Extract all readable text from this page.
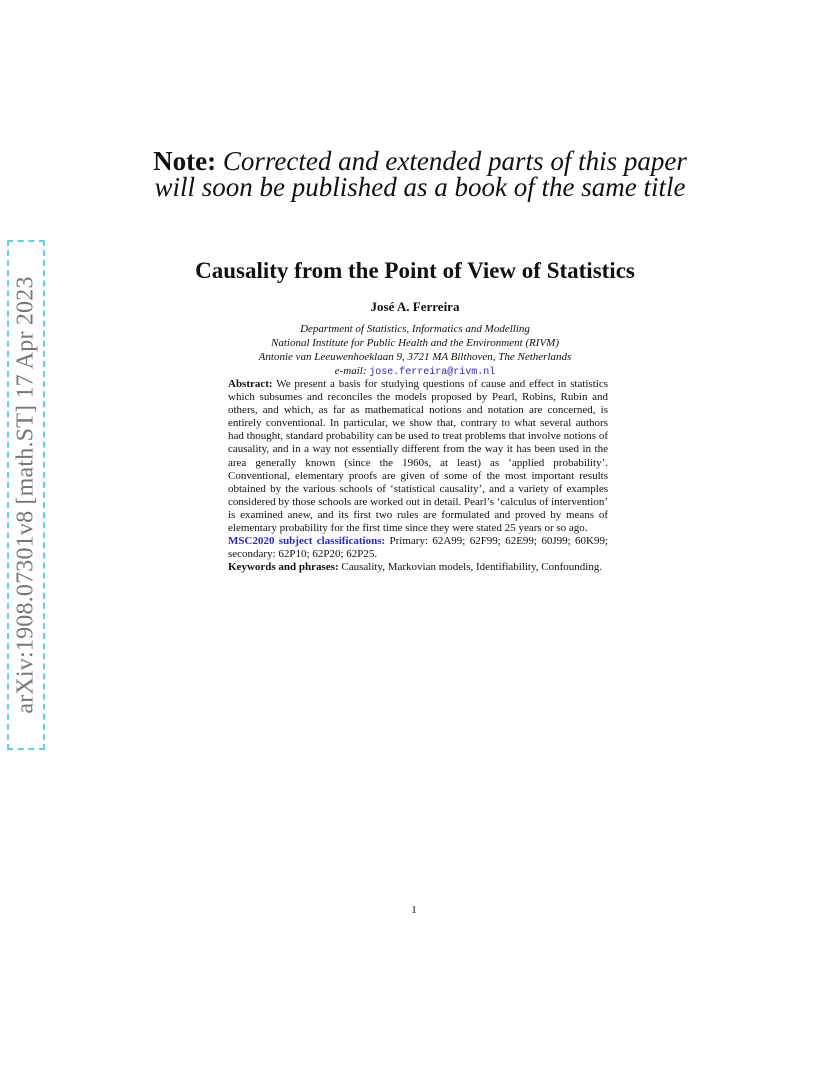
arXiv:1908.07301v8 [math.ST] 17 Apr 2023
Note: Corrected and extended parts of this paper will soon be published as a book of the same title
Causality from the Point of View of Statistics
José A. Ferreira
Department of Statistics, Informatics and Modelling
National Institute for Public Health and the Environment (RIVM)
Antonie van Leeuwenhoeklaan 9, 3721 MA Bilthoven, The Netherlands
e-mail: jose.ferreira@rivm.nl

Abstract: We present a basis for studying questions of cause and effect in statistics which subsumes and reconciles the models proposed by Pearl, Robins, Rubin and others, and which, as far as mathematical notions and notation are concerned, is entirely conventional. In particular, we show that, contrary to what several authors had thought, standard probability can be used to treat problems that involve notions of causality, and in a way not essentially different from the way it has been used in the area generally known (since the 1960s, at least) as ‘applied probability’. Conventional, elementary proofs are given of some of the most important results obtained by the various schools of ‘statistical causality’, and a variety of examples considered by those schools are worked out in detail. Pearl’s ‘calculus of intervention’ is examined anew, and its first two rules are formulated and proved by means of elementary probability for the first time since they were stated 25 years or so ago.

MSC2020 subject classifications: Primary: 62A99; 62F99; 62E99; 60J99; 60K99; secondary: 62P10; 62P20; 62P25.

Keywords and phrases: Causality, Markovian models, Identifiability, Confounding.

1
